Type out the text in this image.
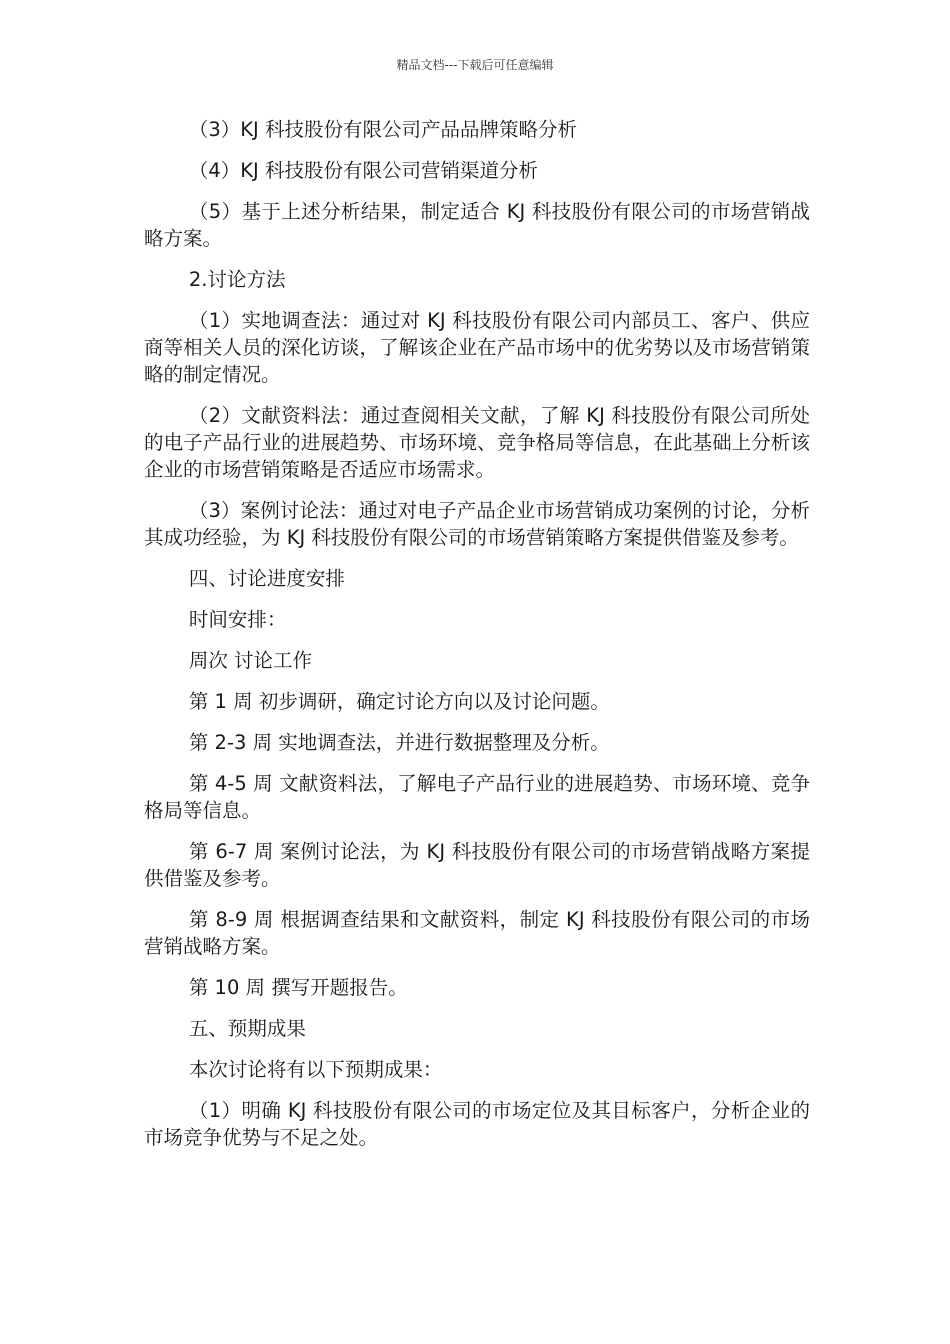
精品文档---下载后可任意编辑

（3）KJ 科技股份有限公司产品品牌策略分析

（4）KJ 科技股份有限公司营销渠道分析

（5）基于上述分析结果，制定适合 KJ 科技股份有限公司的市场营销战略方案。

2.讨论方法

（1）实地调查法：通过对 KJ 科技股份有限公司内部员工、客户、供应商等相关人员的深化访谈，了解该企业在产品市场中的优劣势以及市场营销策略的制定情况。

（2）文献资料法：通过查阅相关文献，了解 KJ 科技股份有限公司所处的电子产品行业的进展趋势、市场环境、竞争格局等信息，在此基础上分析该企业的市场营销策略是否适应市场需求。

（3）案例讨论法：通过对电子产品企业市场营销成功案例的讨论，分析其成功经验，为 KJ 科技股份有限公司的市场营销策略方案提供借鉴及参考。

四、讨论进度安排

时间安排：

周次 讨论工作

第 1 周 初步调研，确定讨论方向以及讨论问题。

第 2-3 周 实地调查法，并进行数据整理及分析。

第 4-5 周 文献资料法，了解电子产品行业的进展趋势、市场环境、竞争格局等信息。

第 6-7 周 案例讨论法，为 KJ 科技股份有限公司的市场营销战略方案提供借鉴及参考。

第 8-9 周 根据调查结果和文献资料，制定 KJ 科技股份有限公司的市场营销战略方案。

第 10 周 撰写开题报告。

五、预期成果

本次讨论将有以下预期成果：

（1）明确 KJ 科技股份有限公司的市场定位及其目标客户，分析企业的市场竞争优势与不足之处。
